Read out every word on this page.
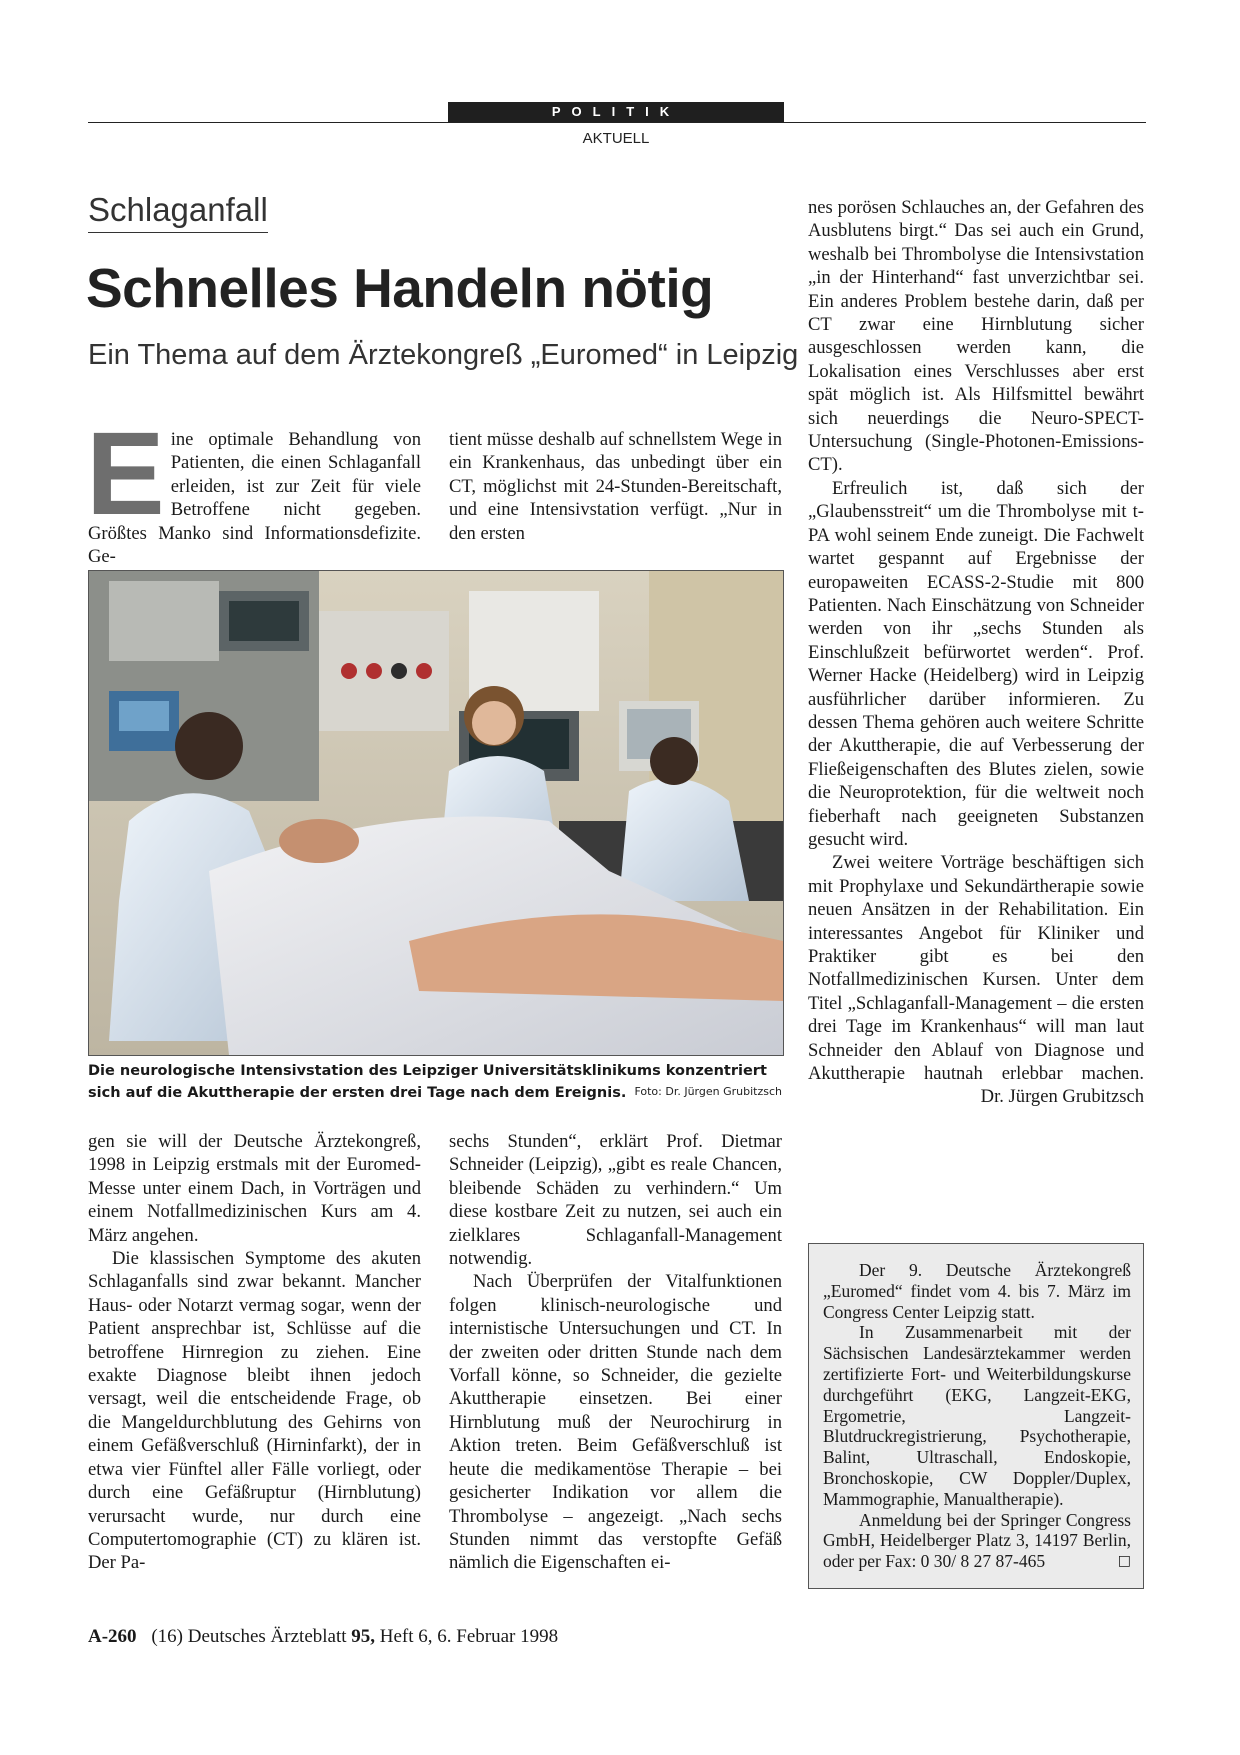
POLITIK
AKTUELL
Schlaganfall
Schnelles Handeln nötig
Ein Thema auf dem Ärztekongreß „Euromed“ in Leipzig
Eine optimale Behandlung von Patienten, die einen Schlaganfall erleiden, ist zur Zeit für viele Betroffene nicht gegeben. Größtes Manko sind Informationsdefizite. Ge-

tient müsse deshalb auf schnellstem Wege in ein Krankenhaus, das unbedingt über ein CT, möglichst mit 24-Stunden-Bereitschaft, und eine Intensivstation verfügt. „Nur in den ersten

Die neurologische Intensivstation des Leipziger Universitätsklinikums konzentriert sich auf die Akuttherapie der ersten drei Tage nach dem Ereignis. Foto: Dr. Jürgen Grubitzsch

gen sie will der Deutsche Ärztekongreß, 1998 in Leipzig erstmals mit der Euromed-Messe unter einem Dach, in Vorträgen und einem Notfallmedizinischen Kurs am 4. März angehen.

Die klassischen Symptome des akuten Schlaganfalls sind zwar bekannt. Mancher Haus- oder Notarzt vermag sogar, wenn der Patient ansprechbar ist, Schlüsse auf die betroffene Hirnregion zu ziehen. Eine exakte Diagnose bleibt ihnen jedoch versagt, weil die entscheidende Frage, ob die Mangeldurchblutung des Gehirns von einem Gefäßverschluß (Hirninfarkt), der in etwa vier Fünftel aller Fälle vorliegt, oder durch eine Gefäßruptur (Hirnblutung) verursacht wurde, nur durch eine Computertomographie (CT) zu klären ist. Der Pa-

sechs Stunden“, erklärt Prof. Dietmar Schneider (Leipzig), „gibt es reale Chancen, bleibende Schäden zu verhindern.“ Um diese kostbare Zeit zu nutzen, sei auch ein zielklares Schlaganfall-Management notwendig.

Nach Überprüfen der Vitalfunktionen folgen klinisch-neurologische und internistische Untersuchungen und CT. In der zweiten oder dritten Stunde nach dem Vorfall könne, so Schneider, die gezielte Akuttherapie einsetzen. Bei einer Hirnblutung muß der Neurochirurg in Aktion treten. Beim Gefäßverschluß ist heute die medikamentöse Therapie – bei gesicherter Indikation vor allem die Thrombolyse – angezeigt. „Nach sechs Stunden nimmt das verstopfte Gefäß nämlich die Eigenschaften ei-

nes porösen Schlauches an, der Gefahren des Ausblutens birgt.“ Das sei auch ein Grund, weshalb bei Thrombolyse die Intensivstation „in der Hinterhand“ fast unverzichtbar sei. Ein anderes Problem bestehe darin, daß per CT zwar eine Hirnblutung sicher ausgeschlossen werden kann, die Lokalisation eines Verschlusses aber erst spät möglich ist. Als Hilfsmittel bewährt sich neuerdings die Neuro-SPECT-Untersuchung (Single-Photonen-Emissions-CT).

Erfreulich ist, daß sich der „Glaubensstreit“ um die Thrombolyse mit t-PA wohl seinem Ende zuneigt. Die Fachwelt wartet gespannt auf Ergebnisse der europaweiten ECASS-2-Studie mit 800 Patienten. Nach Einschätzung von Schneider werden von ihr „sechs Stunden als Einschlußzeit befürwortet werden“. Prof. Werner Hacke (Heidelberg) wird in Leipzig ausführlicher darüber informieren. Zu dessen Thema gehören auch weitere Schritte der Akuttherapie, die auf Verbesserung der Fließeigenschaften des Blutes zielen, sowie die Neuroprotektion, für die weltweit noch fieberhaft nach geeigneten Substanzen gesucht wird.

Zwei weitere Vorträge beschäftigen sich mit Prophylaxe und Sekundärtherapie sowie neuen Ansätzen in der Rehabilitation. Ein interessantes Angebot für Kliniker und Praktiker gibt es bei den Notfallmedizinischen Kursen. Unter dem Titel „Schlaganfall-Management – die ersten drei Tage im Krankenhaus“ will man laut Schneider den Ablauf von Diagnose und Akuttherapie hautnah erlebbar machen.
Dr. Jürgen Grubitzsch

Der 9. Deutsche Ärztekongreß „Euromed“ findet vom 4. bis 7. März im Congress Center Leipzig statt.

In Zusammenarbeit mit der Sächsischen Landesärztekammer werden zertifizierte Fort- und Weiterbildungskurse durchgeführt (EKG, Langzeit-EKG, Ergometrie, Langzeit-Blutdruckregistrierung, Psychotherapie, Balint, Ultraschall, Endoskopie, Bronchoskopie, CW Doppler/Duplex, Mammographie, Manualtherapie).

Anmeldung bei der Springer Congress GmbH, Heidelberger Platz 3, 14197 Berlin, oder per Fax: 0 30/ 8 27 87-465	□

A-260 (16) Deutsches Ärzteblatt 95, Heft 6, 6. Februar 1998
